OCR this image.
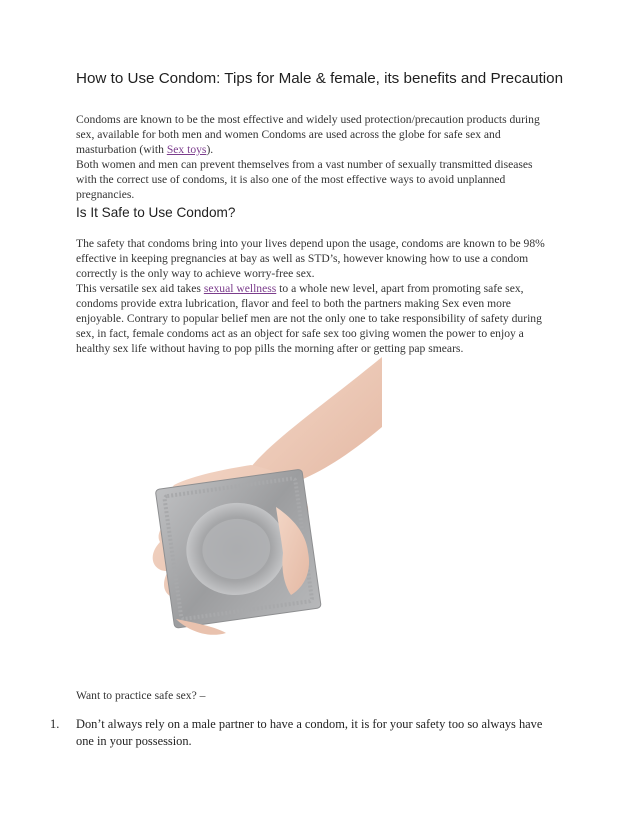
How to Use Condom: Tips for Male & female, its benefits and Precaution
Condoms are known to be the most effective and widely used protection/precaution products during
sex, available for both men and women Condoms are used across the globe for safe sex and
masturbation (with Sex toys).
Both women and men can prevent themselves from a vast number of sexually transmitted diseases
with the correct use of condoms, it is also one of the most effective ways to avoid unplanned
pregnancies.
Is It Safe to Use Condom?
The safety that condoms bring into your lives depend upon the usage, condoms are known to be 98%
effective in keeping pregnancies at bay as well as STD’s, however knowing how to use a condom
correctly is the only way to achieve worry-free sex.
This versatile sex aid takes sexual wellness to a whole new level, apart from promoting safe sex,
condoms provide extra lubrication, flavor and feel to both the partners making Sex even more
enjoyable. Contrary to popular belief men are not the only one to take responsibility of safety during
sex, in fact, female condoms act as an object for safe sex too giving women the power to enjoy a
healthy sex life without having to pop pills the morning after or getting pap smears.
Want to practice safe sex? –
1. Don’t always rely on a male partner to have a condom, it is for your safety too so always have
one in your possession.
